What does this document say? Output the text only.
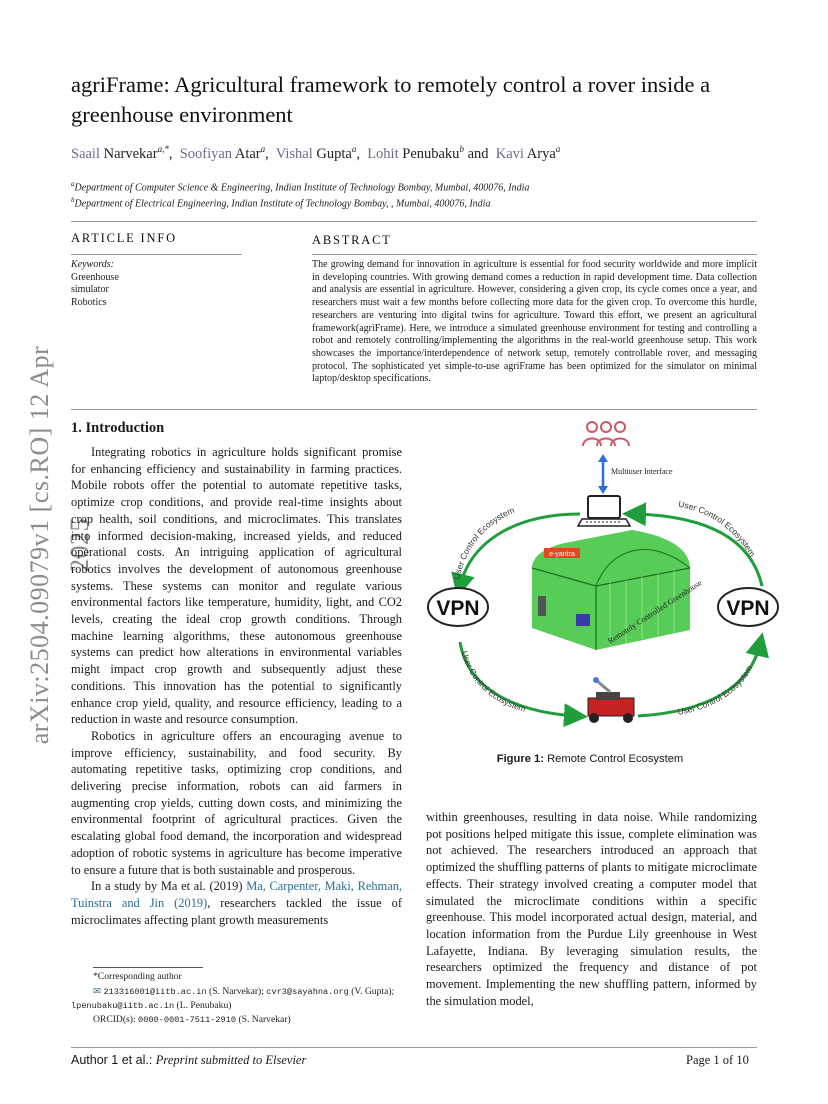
arXiv:2504.09079v1 [cs.RO] 12 Apr 2025
agriFrame: Agricultural framework to remotely control a rover inside a greenhouse environment
Saail Narvekar$^{a,*}$,  Soofiyan Atar$^a$,  Vishal Gupta$^a$,  Lohit Penubaku$^b$ and  Kavi Arya$^a$
$^a$Department of Computer Science & Engineering, Indian Institute of Technology Bombay, Mumbai, 400076, India
$^b$Department of Electrical Engineering, Indian Institute of Technology Bombay, , Mumbai, 400076, India
ARTICLE INFO
Keywords:
Greenhouse
simulator
Robotics
ABSTRACT
The growing demand for innovation in agriculture is essential for food security worldwide and more implicit in developing countries. With growing demand comes a reduction in rapid development time. Data collection and analysis are essential in agriculture. However, considering a given crop, its cycle comes once a year, and researchers must wait a few months before collecting more data for the given crop. To overcome this hurdle, researchers are venturing into digital twins for agriculture. Toward this effort, we present an agricultural framework(agriFrame). Here, we introduce a simulated greenhouse environment for testing and controlling a robot and remotely controlling/implementing the algorithms in the real-world greenhouse setup. This work showcases the importance/interdependence of network setup, remotely controllable rover, and messaging protocol. The sophisticated yet simple-to-use agriFrame has been optimized for the simulator on minimal laptop/desktop specifications.
1. Introduction

Integrating robotics in agriculture holds significant promise for enhancing efficiency and sustainability in farming practices. Mobile robots offer the potential to automate repetitive tasks, optimize crop conditions, and provide real-time insights about crop health, soil conditions, and microclimates. This translates into informed decision-making, increased yields, and reduced operational costs. An intriguing application of agricultural robotics involves the development of autonomous greenhouse systems. These systems can monitor and regulate various environmental factors like temperature, humidity, light, and CO2 levels, creating the ideal crop growth conditions. Through machine learning algorithms, these autonomous greenhouse systems can predict how alterations in environmental variables might impact crop growth and subsequently adjust these conditions. This innovation has the potential to significantly enhance crop yield, quality, and resource efficiency, leading to a reduction in waste and resource consumption.

Robotics in agriculture offers an encouraging avenue to improve efficiency, sustainability, and food security. By automating repetitive tasks, optimizing crop conditions, and delivering precise information, robots can aid farmers in augmenting crop yields, cutting down costs, and minimizing the environmental footprint of agricultural practices. Given the escalating global food demand, the incorporation and widespread adoption of robotic systems in agriculture has become imperative to ensure a future that is both sustainable and prosperous.

In a study by Ma et al. (2019) Ma, Carpenter, Maki, Rehman, Tuinstra and Jin (2019), researchers tackled the issue of microclimates affecting plant growth measurements

Multiuser Interface
User Control Ecosystem
User Control Ecosystem
User Control Ecosystem	User Control Ecosystem
VPN	VPN
e-yantra
Remotely Controlled Greenhouse
Figure 1: Remote Control Ecosystem

within greenhouses, resulting in data noise. While randomizing pot positions helped mitigate this issue, complete elimination was not achieved. The researchers introduced an approach that optimized the shuffling patterns of plants to mitigate microclimate effects. Their strategy involved creating a computer model that simulated the microclimate conditions within a specific greenhouse. This model incorporated actual design, material, and location information from the Purdue Lily greenhouse in West Lafayette, Indiana. By leveraging simulation results, the researchers optimized the frequency and distance of pot movement. Implementing the new shuffling pattern, informed by the simulation model,

*Corresponding author
✉ 213316001@iitb.ac.in (S. Narvekar); cvr3@sayahna.org (V. Gupta);
lpenubaku@iitb.ac.in (L. Penubaku)
ORCID(s): 0000-0001-7511-2910 (S. Narvekar)
Author 1 et al.: Preprint submitted to Elsevier	Page 1 of 10
